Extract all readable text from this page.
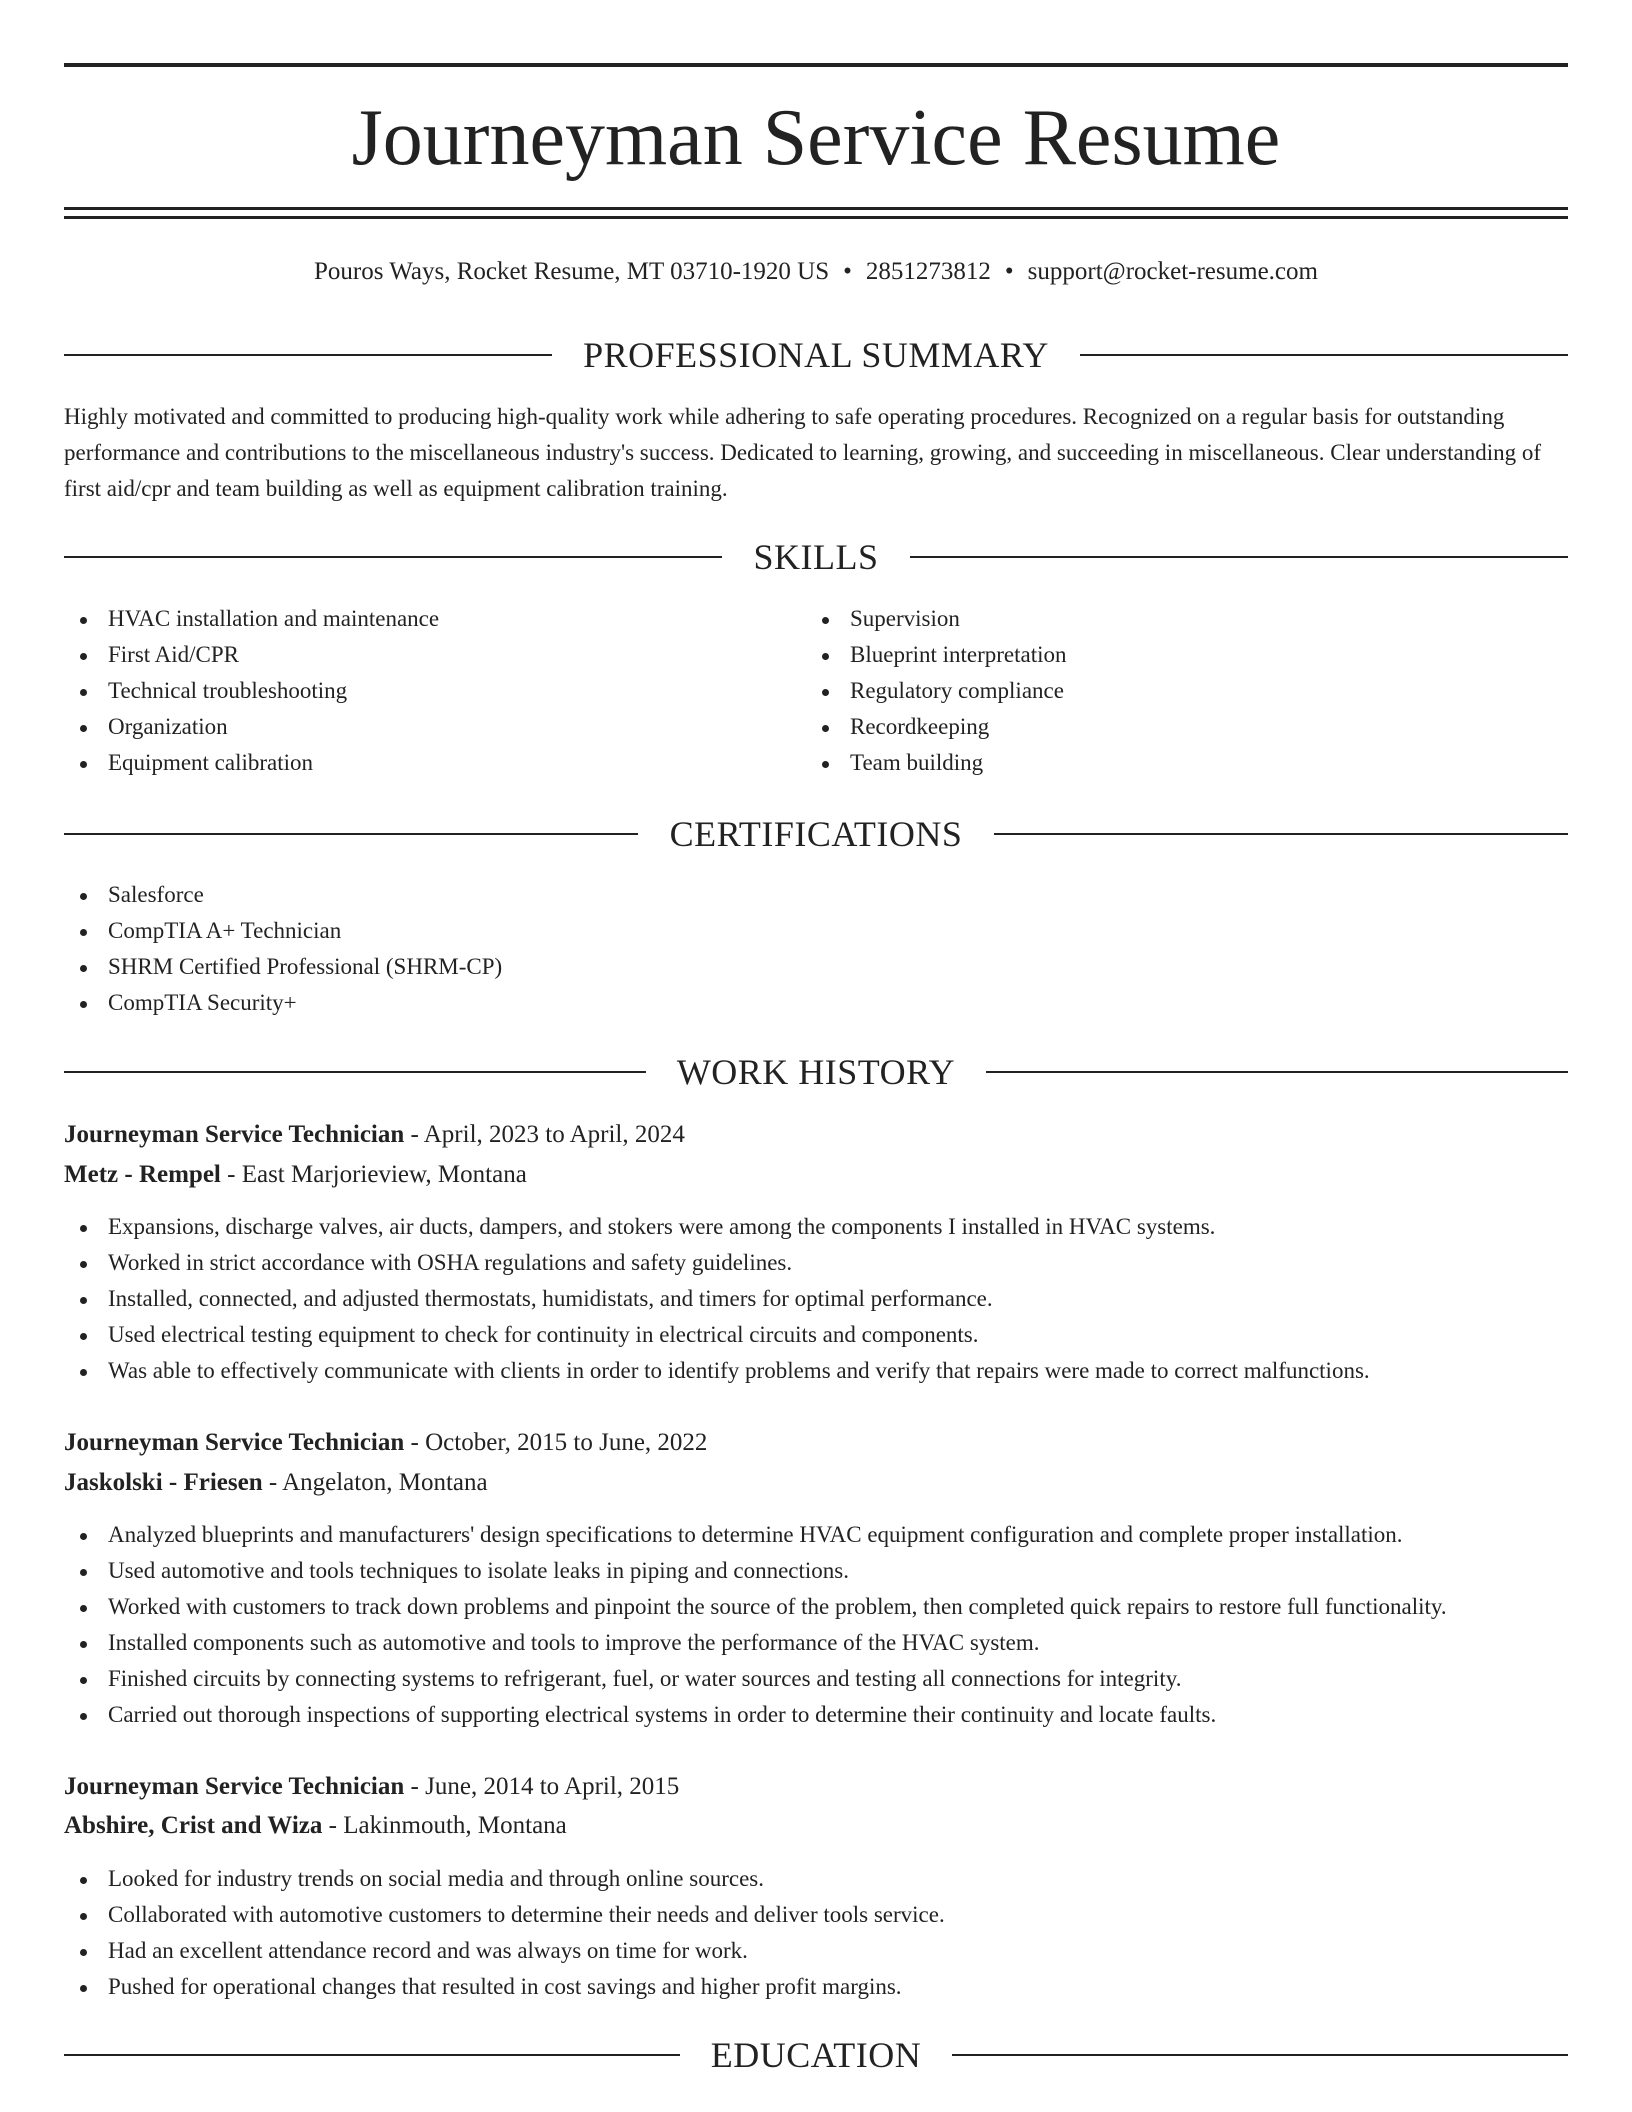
Journeyman Service Resume
Pouros Ways, Rocket Resume, MT 03710-1920 US • 2851273812 • support@rocket-resume.com
PROFESSIONAL SUMMARY

Highly motivated and committed to producing high-quality work while adhering to safe operating procedures. Recognized on a regular basis for outstanding performance and contributions to the miscellaneous industry's success. Dedicated to learning, growing, and succeeding in miscellaneous. Clear understanding of first aid/cpr and team building as well as equipment calibration training.

SKILLS
HVAC installation and maintenance
First Aid/CPR
Technical troubleshooting
Organization
Equipment calibration
Supervision
Blueprint interpretation
Regulatory compliance
Recordkeeping
Team building
CERTIFICATIONS
Salesforce
CompTIA A+ Technician
SHRM Certified Professional (SHRM-CP)
CompTIA Security+
WORK HISTORY
Journeyman Service Technician - April, 2023 to April, 2024
Metz - Rempel - East Marjorieview, Montana
Expansions, discharge valves, air ducts, dampers, and stokers were among the components I installed in HVAC systems.
Worked in strict accordance with OSHA regulations and safety guidelines.
Installed, connected, and adjusted thermostats, humidistats, and timers for optimal performance.
Used electrical testing equipment to check for continuity in electrical circuits and components.
Was able to effectively communicate with clients in order to identify problems and verify that repairs were made to correct malfunctions.
Journeyman Service Technician - October, 2015 to June, 2022
Jaskolski - Friesen - Angelaton, Montana
Analyzed blueprints and manufacturers' design specifications to determine HVAC equipment configuration and complete proper installation.
Used automotive and tools techniques to isolate leaks in piping and connections.
Worked with customers to track down problems and pinpoint the source of the problem, then completed quick repairs to restore full functionality.
Installed components such as automotive and tools to improve the performance of the HVAC system.
Finished circuits by connecting systems to refrigerant, fuel, or water sources and testing all connections for integrity.
Carried out thorough inspections of supporting electrical systems in order to determine their continuity and locate faults.
Journeyman Service Technician - June, 2014 to April, 2015
Abshire, Crist and Wiza - Lakinmouth, Montana
Looked for industry trends on social media and through online sources.
Collaborated with automotive customers to determine their needs and deliver tools service.
Had an excellent attendance record and was always on time for work.
Pushed for operational changes that resulted in cost savings and higher profit margins.
EDUCATION
